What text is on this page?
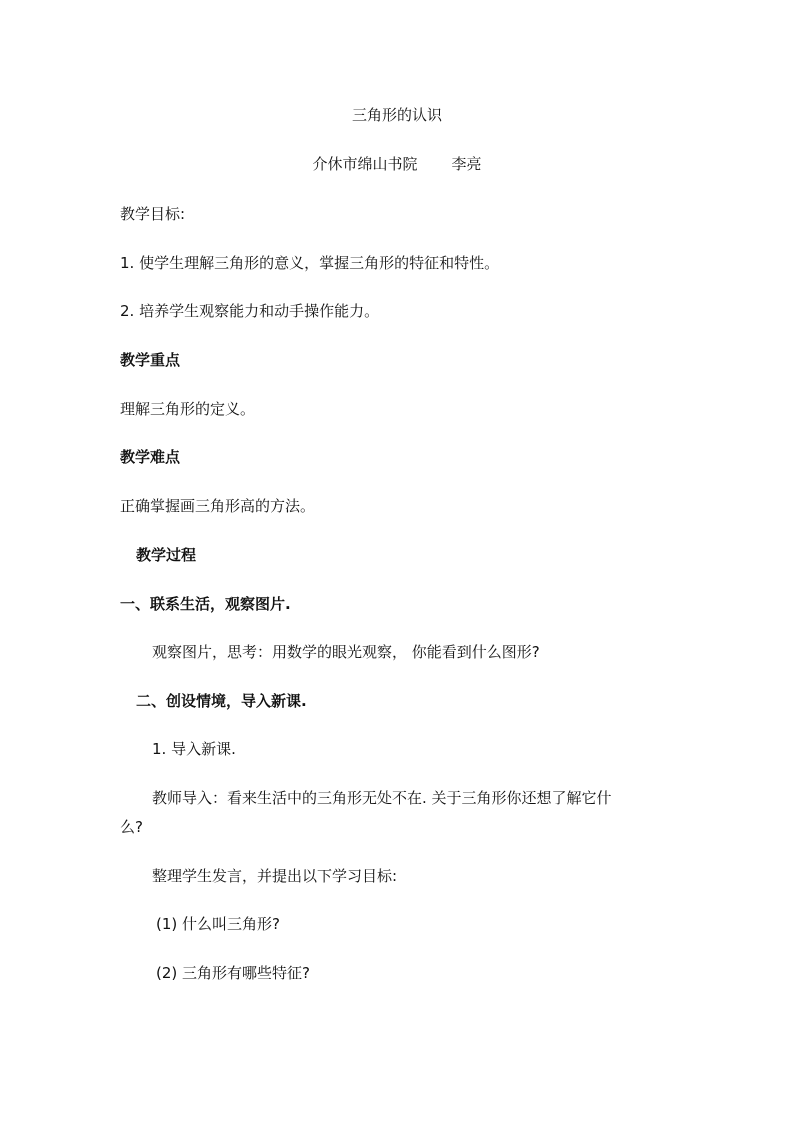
三角形的认识
介休市绵山书院 李亮
教学目标:
1. 使学生理解三角形的意义，掌握三角形的特征和特性。
2. 培养学生观察能力和动手操作能力。
教学重点
理解三角形的定义。
教学难点
正确掌握画三角形高的方法。
教学过程
一、联系生活，观察图片.
观察图片，思考：用数学的眼光观察， 你能看到什么图形?
二、创设情境，导入新课.
1. 导入新课.
教师导入：看来生活中的三角形无处不在. 关于三角形你还想了解它什
么?
整理学生发言，并提出以下学习目标:
(1) 什么叫三角形?
(2) 三角形有哪些特征?
